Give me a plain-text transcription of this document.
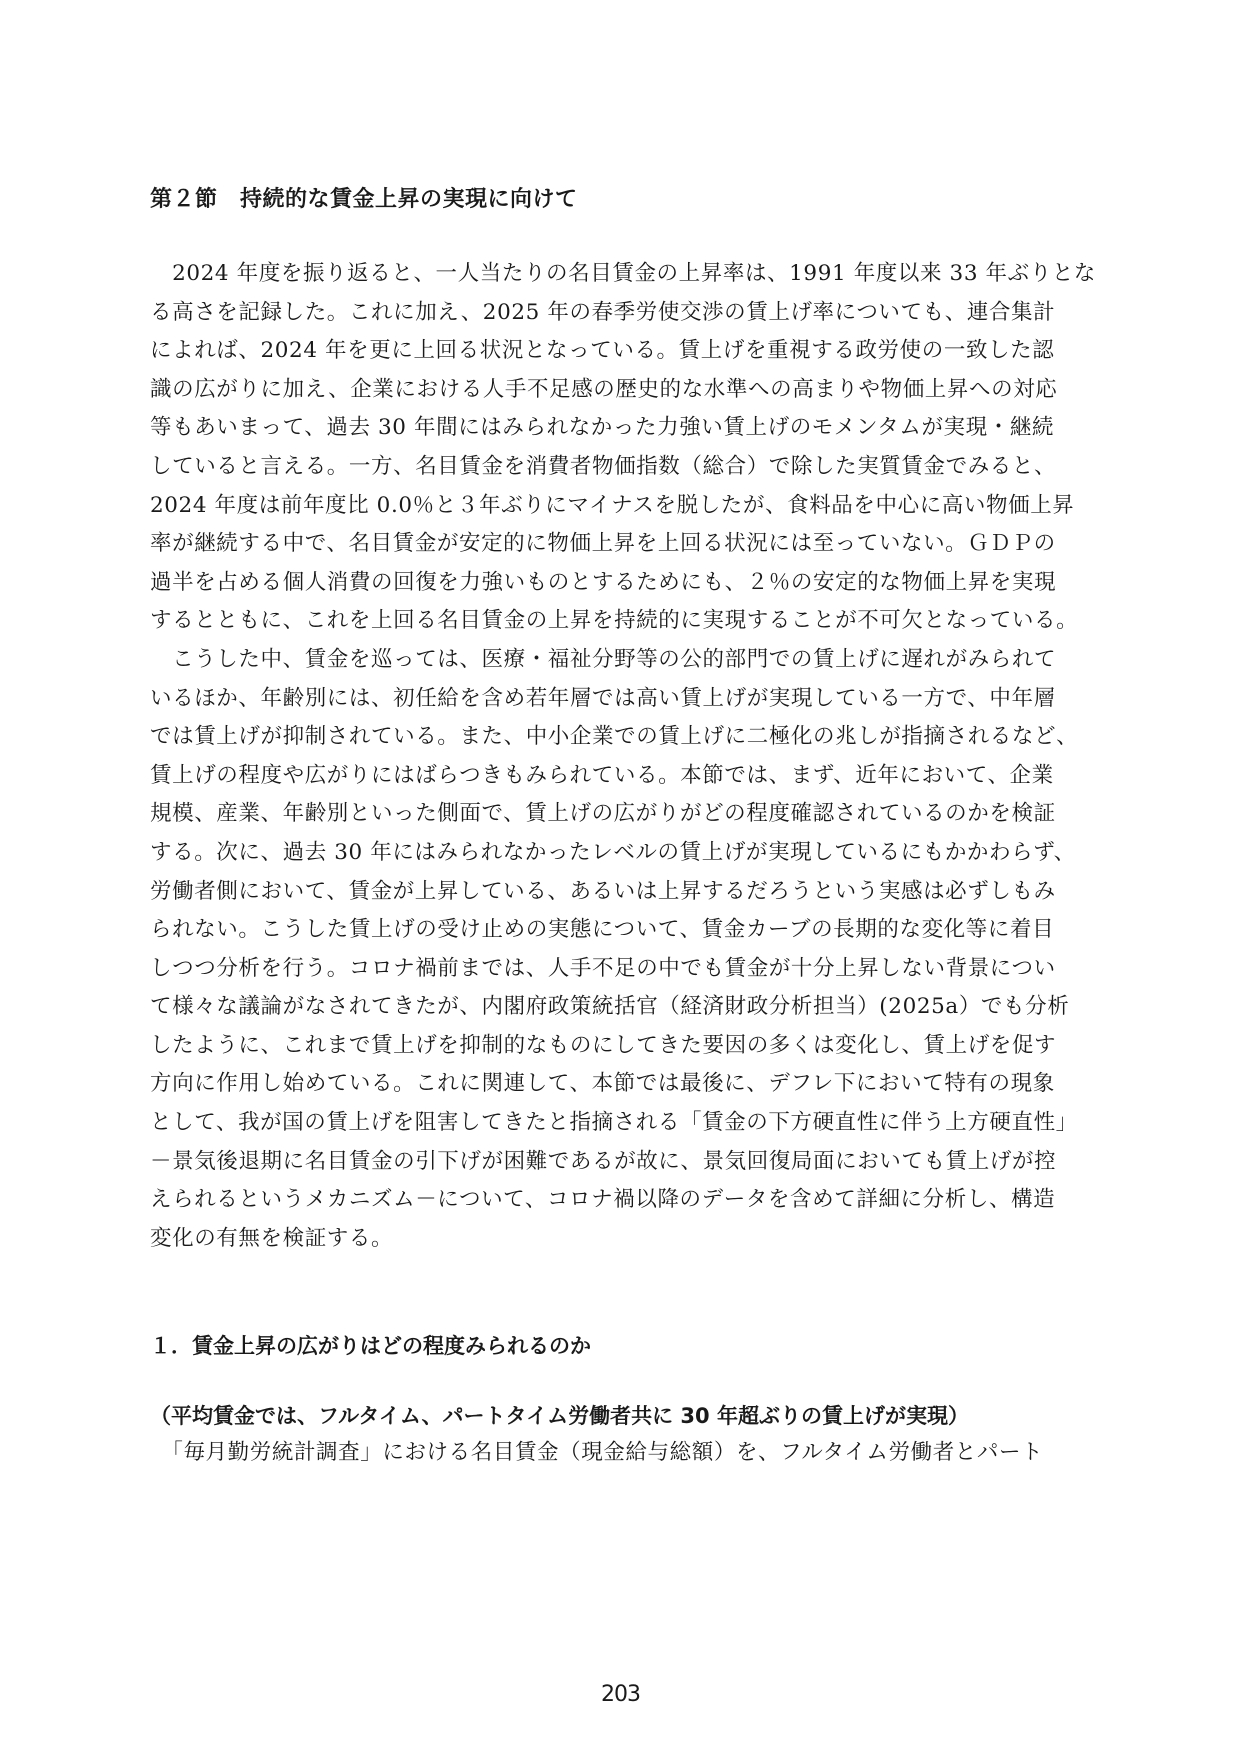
第２節　持続的な賃金上昇の実現に向けて
　2024 年度を振り返ると、一人当たりの名目賃金の上昇率は、1991 年度以来 33 年ぶりとな
る高さを記録した。これに加え、2025 年の春季労使交渉の賃上げ率についても、連合集計
によれば、2024 年を更に上回る状況となっている。賃上げを重視する政労使の一致した認
識の広がりに加え、企業における人手不足感の歴史的な水準への高まりや物価上昇への対応
等もあいまって、過去 30 年間にはみられなかった力強い賃上げのモメンタムが実現・継続
していると言える。一方、名目賃金を消費者物価指数（総合）で除した実質賃金でみると、
2024 年度は前年度比 0.0％と３年ぶりにマイナスを脱したが、食料品を中心に高い物価上昇
率が継続する中で、名目賃金が安定的に物価上昇を上回る状況には至っていない。ＧＤＰの
過半を占める個人消費の回復を力強いものとするためにも、２％の安定的な物価上昇を実現
するとともに、これを上回る名目賃金の上昇を持続的に実現することが不可欠となっている。
　こうした中、賃金を巡っては、医療・福祉分野等の公的部門での賃上げに遅れがみられて
いるほか、年齢別には、初任給を含め若年層では高い賃上げが実現している一方で、中年層
では賃上げが抑制されている。また、中小企業での賃上げに二極化の兆しが指摘されるなど、
賃上げの程度や広がりにはばらつきもみられている。本節では、まず、近年において、企業
規模、産業、年齢別といった側面で、賃上げの広がりがどの程度確認されているのかを検証
する。次に、過去 30 年にはみられなかったレベルの賃上げが実現しているにもかかわらず、
労働者側において、賃金が上昇している、あるいは上昇するだろうという実感は必ずしもみ
られない。こうした賃上げの受け止めの実態について、賃金カーブの長期的な変化等に着目
しつつ分析を行う。コロナ禍前までは、人手不足の中でも賃金が十分上昇しない背景につい
て様々な議論がなされてきたが、内閣府政策統括官（経済財政分析担当）(2025a）でも分析
したように、これまで賃上げを抑制的なものにしてきた要因の多くは変化し、賃上げを促す
方向に作用し始めている。これに関連して、本節では最後に、デフレ下において特有の現象
として、我が国の賃上げを阻害してきたと指摘される「賃金の下方硬直性に伴う上方硬直性」
－景気後退期に名目賃金の引下げが困難であるが故に、景気回復局面においても賃上げが控
えられるというメカニズム－について、コロナ禍以降のデータを含めて詳細に分析し、構造
変化の有無を検証する。
１．賃金上昇の広がりはどの程度みられるのか
（平均賃金では、フルタイム、パートタイム労働者共に 30 年超ぶりの賃上げが実現）
　「毎月勤労統計調査」における名目賃金（現金給与総額）を、フルタイム労働者とパート
203
